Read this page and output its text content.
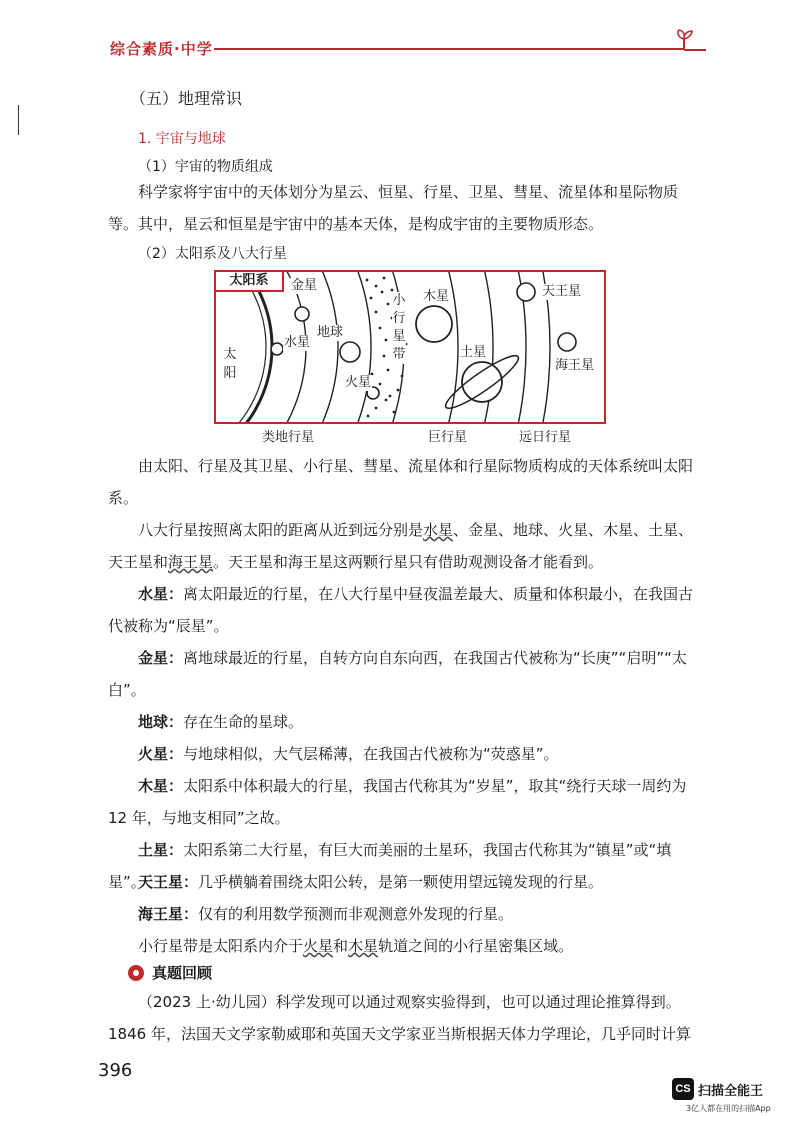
综合素质·中学
（五）地理常识
1. 宇宙与地球
（1）宇宙的物质组成

科学家将宇宙中的天体划分为星云、恒星、行星、卫星、彗星、流星体和星际物质等。其中，星云和恒星是宇宙中的基本天体，是构成宇宙的主要物质形态。

（2）太阳系及八大行星
太阳系
太
阳
小
行
星
带
金星
水星
地球
火星
木星
土星
天王星
海王星
类地行星	巨行星	远日行星

由太阳、行星及其卫星、小行星、彗星、流星体和行星际物质构成的天体系统叫太阳系。

八大行星按照离太阳的距离从近到远分别是水星、金星、地球、火星、木星、土星、天王星和海王星。天王星和海王星这两颗行星只有借助观测设备才能看到。

水星：离太阳最近的行星，在八大行星中昼夜温差最大、质量和体积最小，在我国古代被称为“辰星”。

金星：离地球最近的行星，自转方向自东向西，在我国古代被称为“长庚”“启明”“太白”。

地球：存在生命的星球。

火星：与地球相似，大气层稀薄，在我国古代被称为“荧惑星”。

木星：太阳系中体积最大的行星，我国古代称其为“岁星”，取其“绕行天球一周约为 12 年，与地支相同”之故。

土星：太阳系第二大行星，有巨大而美丽的土星环，我国古代称其为“镇星”或“填星”。

天王星：几乎横躺着围绕太阳公转，是第一颗使用望远镜发现的行星。

海王星：仅有的利用数学预测而非观测意外发现的行星。

真题回顾

小行星带是太阳系内介于火星和木星轨道之间的小行星密集区域。

（2023 上·幼儿园）科学发现可以通过观察实验得到，也可以通过理论推算得到。1846 年，法国天文学家勒威耶和英国天文学家亚当斯根据天体力学理论，几乎同时计算

396
CS 扫描全能王
3亿人都在用的扫描App
